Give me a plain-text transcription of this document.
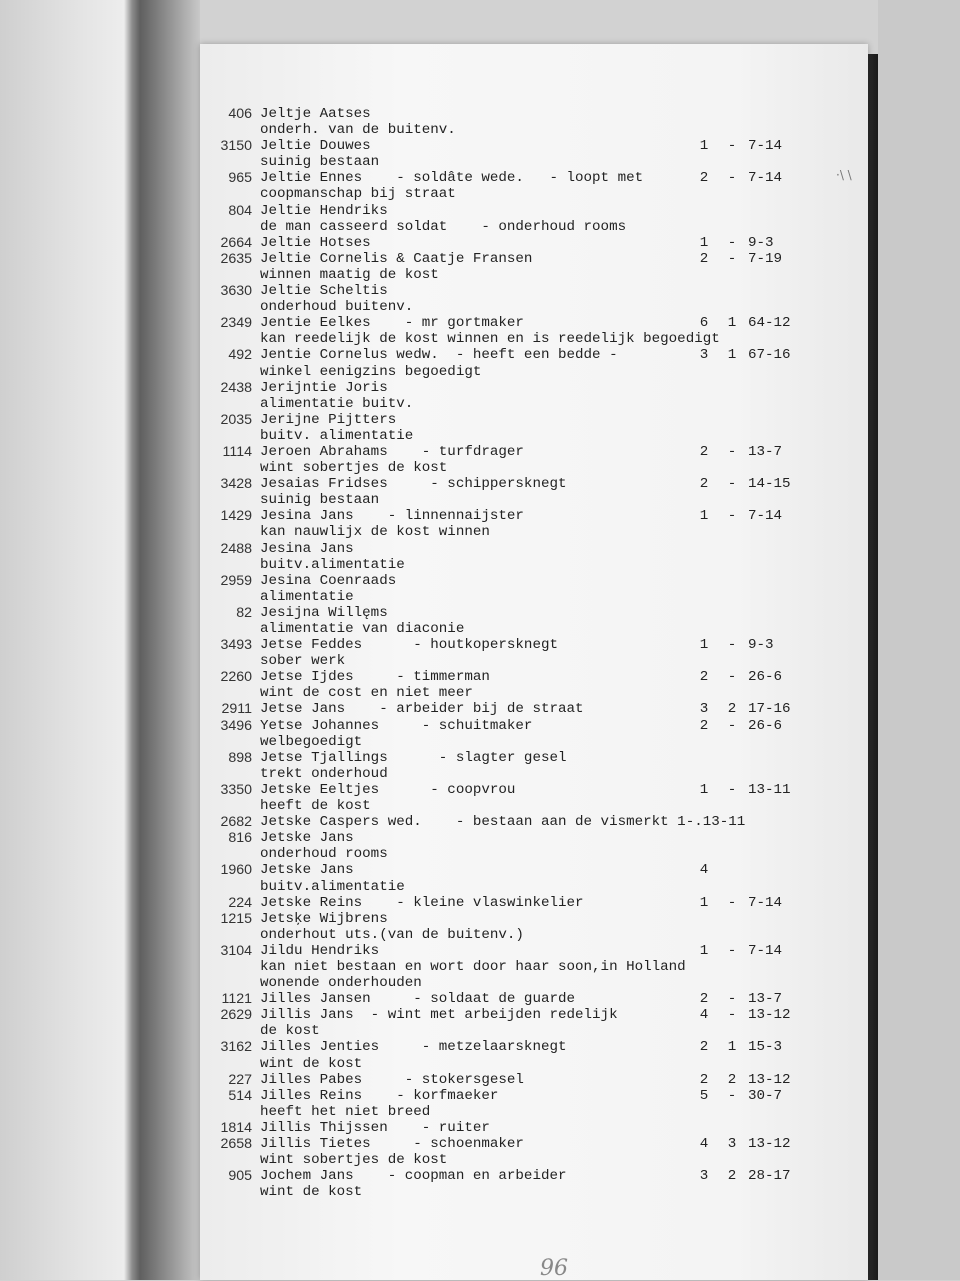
406 Jeltje Aatses
onderh. van de buitenv.
3150 Jeltie Douwes	1	- 7-14
suinig bestaan
965 Jeltie Ennes    - soldâte wede.   - loopt met	2	- 7-14
coopmanschap bij straat
804 Jeltie Hendriks
de man casseerd soldat    - onderhoud rooms
2664 Jeltie Hotses	1	- 9-3
2635 Jeltie Cornelis & Caatje Fransen	2	- 7-19
winnen maatig de kost
3630 Jeltie Scheltis
onderhoud buitenv.
2349 Jentie Eelkes    - mr gortmaker	6	1 64-12
kan reedelijk de kost winnen en is reedelijk begoedigt
492 Jentie Cornelus wedw.  - heeft een bedde -	3	1 67-16
winkel eenigzins begoedigt
2438 Jerijntie Joris
alimentatie buitv.
2035 Jerijne Pijtters
buitv. alimentatie
1114 Jeroen Abrahams    - turfdrager	2	- 13-7
wint sobertjes de kost
3428 Jesaias Fridses     - schippersknegt	2	- 14-15
suinig bestaan
1429 Jesina Jans    - linnennaijster	1	- 7-14
kan nauwlijx de kost winnen
2488 Jesina Jans
buitv.alimentatie
2959 Jesina Coenraads
alimentatie
82 Jesijna Willęms
alimentatie van diaconie
3493 Jetse Feddes      - houtkopersknegt	1	- 9-3
sober werk
2260 Jetse Ijdes     - timmerman	2	- 26-6
wint de cost en niet meer
2911 Jetse Jans    - arbeider bij de straat	3	2 17-16
3496 Yetse Johannes     - schuitmaker	2	- 26-6
welbegoedigt
898 Jetse Tjallings      - slagter gesel
trekt onderhoud
3350 Jetske Eeltjes      - coopvrou	1	- 13-11
heeft de kost
2682 Jetske Caspers wed.    - bestaan aan de vismerkt 1-.13-11
816 Jetske Jans
onderhoud rooms
1960 Jetske Jans	4
buitv.alimentatie
224 Jetske Reins    - kleine vlaswinkelier	1	- 7-14
1215 Jetsķe Wijbrens
onderhout uts.(van de buitenv.)
3104 Jildu Hendriks	1	- 7-14
kan niet bestaan en wort door haar soon,in Holland
wonende onderhouden
1121 Jilles Jansen     - soldaat de guarde	2	- 13-7
2629 Jillis Jans  - wint met arbeijden redelijk	4	- 13-12
de kost
3162 Jilles Jenties     - metzelaarsknegt	2	1 15-3
wint de kost
227 Jilles Pabes     - stokersgesel	2	2 13-12
514 Jilles Reins    - korfmaeker	5	- 30-7
heeft het niet breed
1814 Jillis Thijssen    - ruiter
2658 Jillis Tietes     - schoenmaker	4	3 13-12
wint sobertjes de kost
905 Jochem Jans    - coopman en arbeider	3	2 28-17
wint de kost
96
·\ \
